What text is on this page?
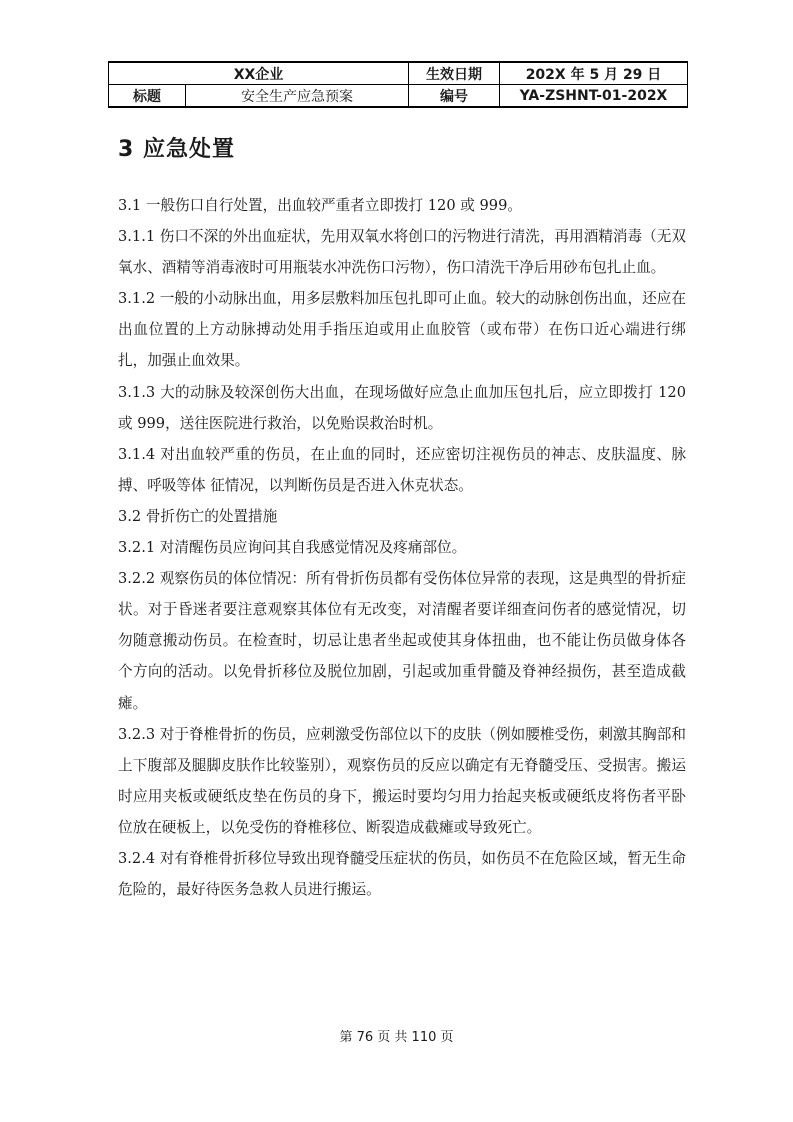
XX企业		生效日期	202X 年 5 月 29 日
标题	安全生产应急预案	编号	YA-ZSHNT-01-202X
3 应急处置

3.1 一般伤口自行处置，出血较严重者立即拨打 120 或 999。

3.1.1 伤口不深的外出血症状，先用双氧水将创口的污物进行清洗，再用酒精消毒（无双氧水、酒精等消毒液时可用瓶装水冲洗伤口污物），伤口清洗干净后用砂布包扎止血。

3.1.2 一般的小动脉出血，用多层敷料加压包扎即可止血。较大的动脉创伤出血，还应在出血位置的上方动脉搏动处用手指压迫或用止血胶管（或布带）在伤口近心端进行绑扎，加强止血效果。

3.1.3 大的动脉及较深创伤大出血，在现场做好应急止血加压包扎后，应立即拨打 120 或 999，送往医院进行救治，以免贻误救治时机。

3.1.4 对出血较严重的伤员，在止血的同时，还应密切注视伤员的神志、皮肤温度、脉搏、呼吸等体 征情况，以判断伤员是否进入休克状态。

3.2 骨折伤亡的处置措施

3.2.1 对清醒伤员应询问其自我感觉情况及疼痛部位。

3.2.2 观察伤员的体位情况：所有骨折伤员都有受伤体位异常的表现，这是典型的骨折症状。对于昏迷者要注意观察其体位有无改变，对清醒者要详细查问伤者的感觉情况，切勿随意搬动伤员。在检查时，切忌让患者坐起或使其身体扭曲，也不能让伤员做身体各个方向的活动。以免骨折移位及脱位加剧，引起或加重骨髓及脊神经损伤，甚至造成截瘫。

3.2.3 对于脊椎骨折的伤员，应刺激受伤部位以下的皮肤（例如腰椎受伤，刺激其胸部和上下腹部及腿脚皮肤作比较鉴别），观察伤员的反应以确定有无脊髓受压、受损害。搬运时应用夹板或硬纸皮垫在伤员的身下，搬运时要均匀用力抬起夹板或硬纸皮将伤者平卧位放在硬板上，以免受伤的脊椎移位、断裂造成截瘫或导致死亡。

3.2.4 对有脊椎骨折移位导致出现脊髓受压症状的伤员，如伤员不在危险区域，暂无生命危险的，最好待医务急救人员进行搬运。

第 76 页 共 110 页
